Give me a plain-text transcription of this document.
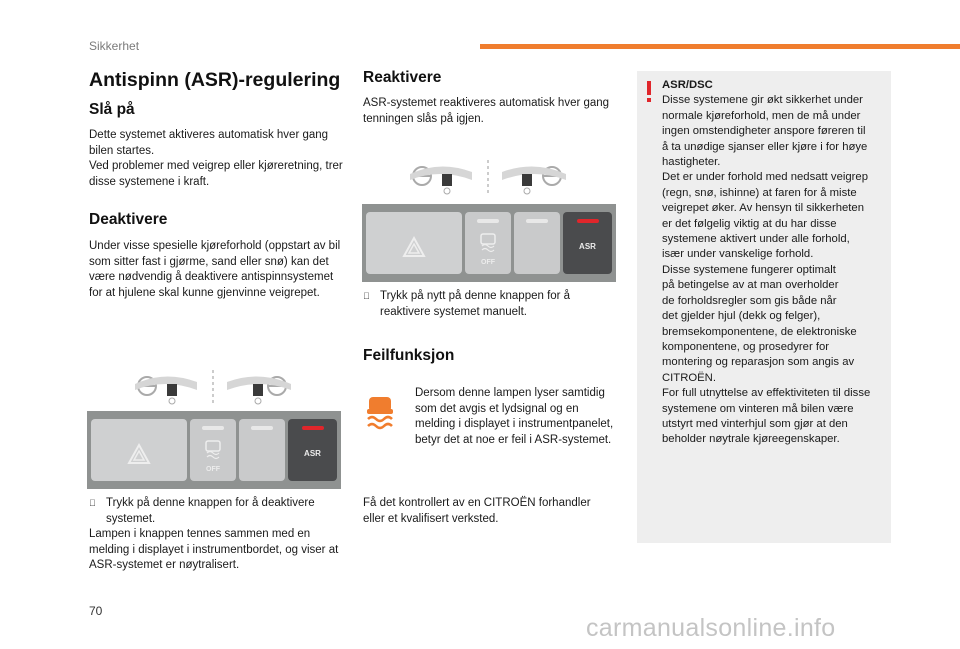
Sikkerhet
Antispinn (ASR)-regulering
Slå på

Dette systemet aktiveres automatisk hver gang bilen startes.

Ved problemer med veigrep eller kjøreretning, trer disse systemene i kraft.

Deaktivere

Under visse spesielle kjøreforhold (oppstart av bil som sitter fast i gjørme, sand eller snø) kan det være nødvendig å deaktivere antispinnsystemet for at hjulene skal kunne gjenvinne veigrepet.

OFF
ASR

Trykk på denne knappen for å deaktivere systemet.

Lampen i knappen tennes sammen med en melding i displayet i instrumentbordet, og viser at ASR-systemet er nøytralisert.

Reaktivere

ASR-systemet reaktiveres automatisk hver gang tenningen slås på igjen.

OFF
ASR

Trykk på nytt på denne knappen for å reaktivere systemet manuelt.

Feilfunksjon

Dersom denne lampen lyser samtidig som det avgis et lydsignal og en melding i displayet i instrumentpanelet, betyr det at noe er feil i ASR-systemet.

Få det kontrollert av en CITROËN forhandler eller et kvalifisert verksted.

ASR/DSC

Disse systemene gir økt sikkerhet under
normale kjøreforhold, men de må under
ingen omstendigheter anspore føreren til
å ta unødige sjanser eller kjøre i for høye
hastigheter.
Det er under forhold med nedsatt veigrep
(regn, snø, ishinne) at faren for å miste
veigrepet øker. Av hensyn til sikkerheten
er det følgelig viktig at du har disse
systemene aktivert under alle forhold,
især under vanskelige forhold.
Disse systemene fungerer optimalt
på betingelse av at man overholder
de forholdsregler som gis både når
det gjelder hjul (dekk og felger),
bremsekomponentene, de elektroniske
komponentene, og prosedyrer for
montering og reparasjon som angis av
CITROËN.
For full utnyttelse av effektiviteten til disse
systemene om vinteren må bilen være
utstyrt med vinterhjul som gjør at den
beholder nøytrale kjøreegenskaper.
70
carmanualsonline.info
